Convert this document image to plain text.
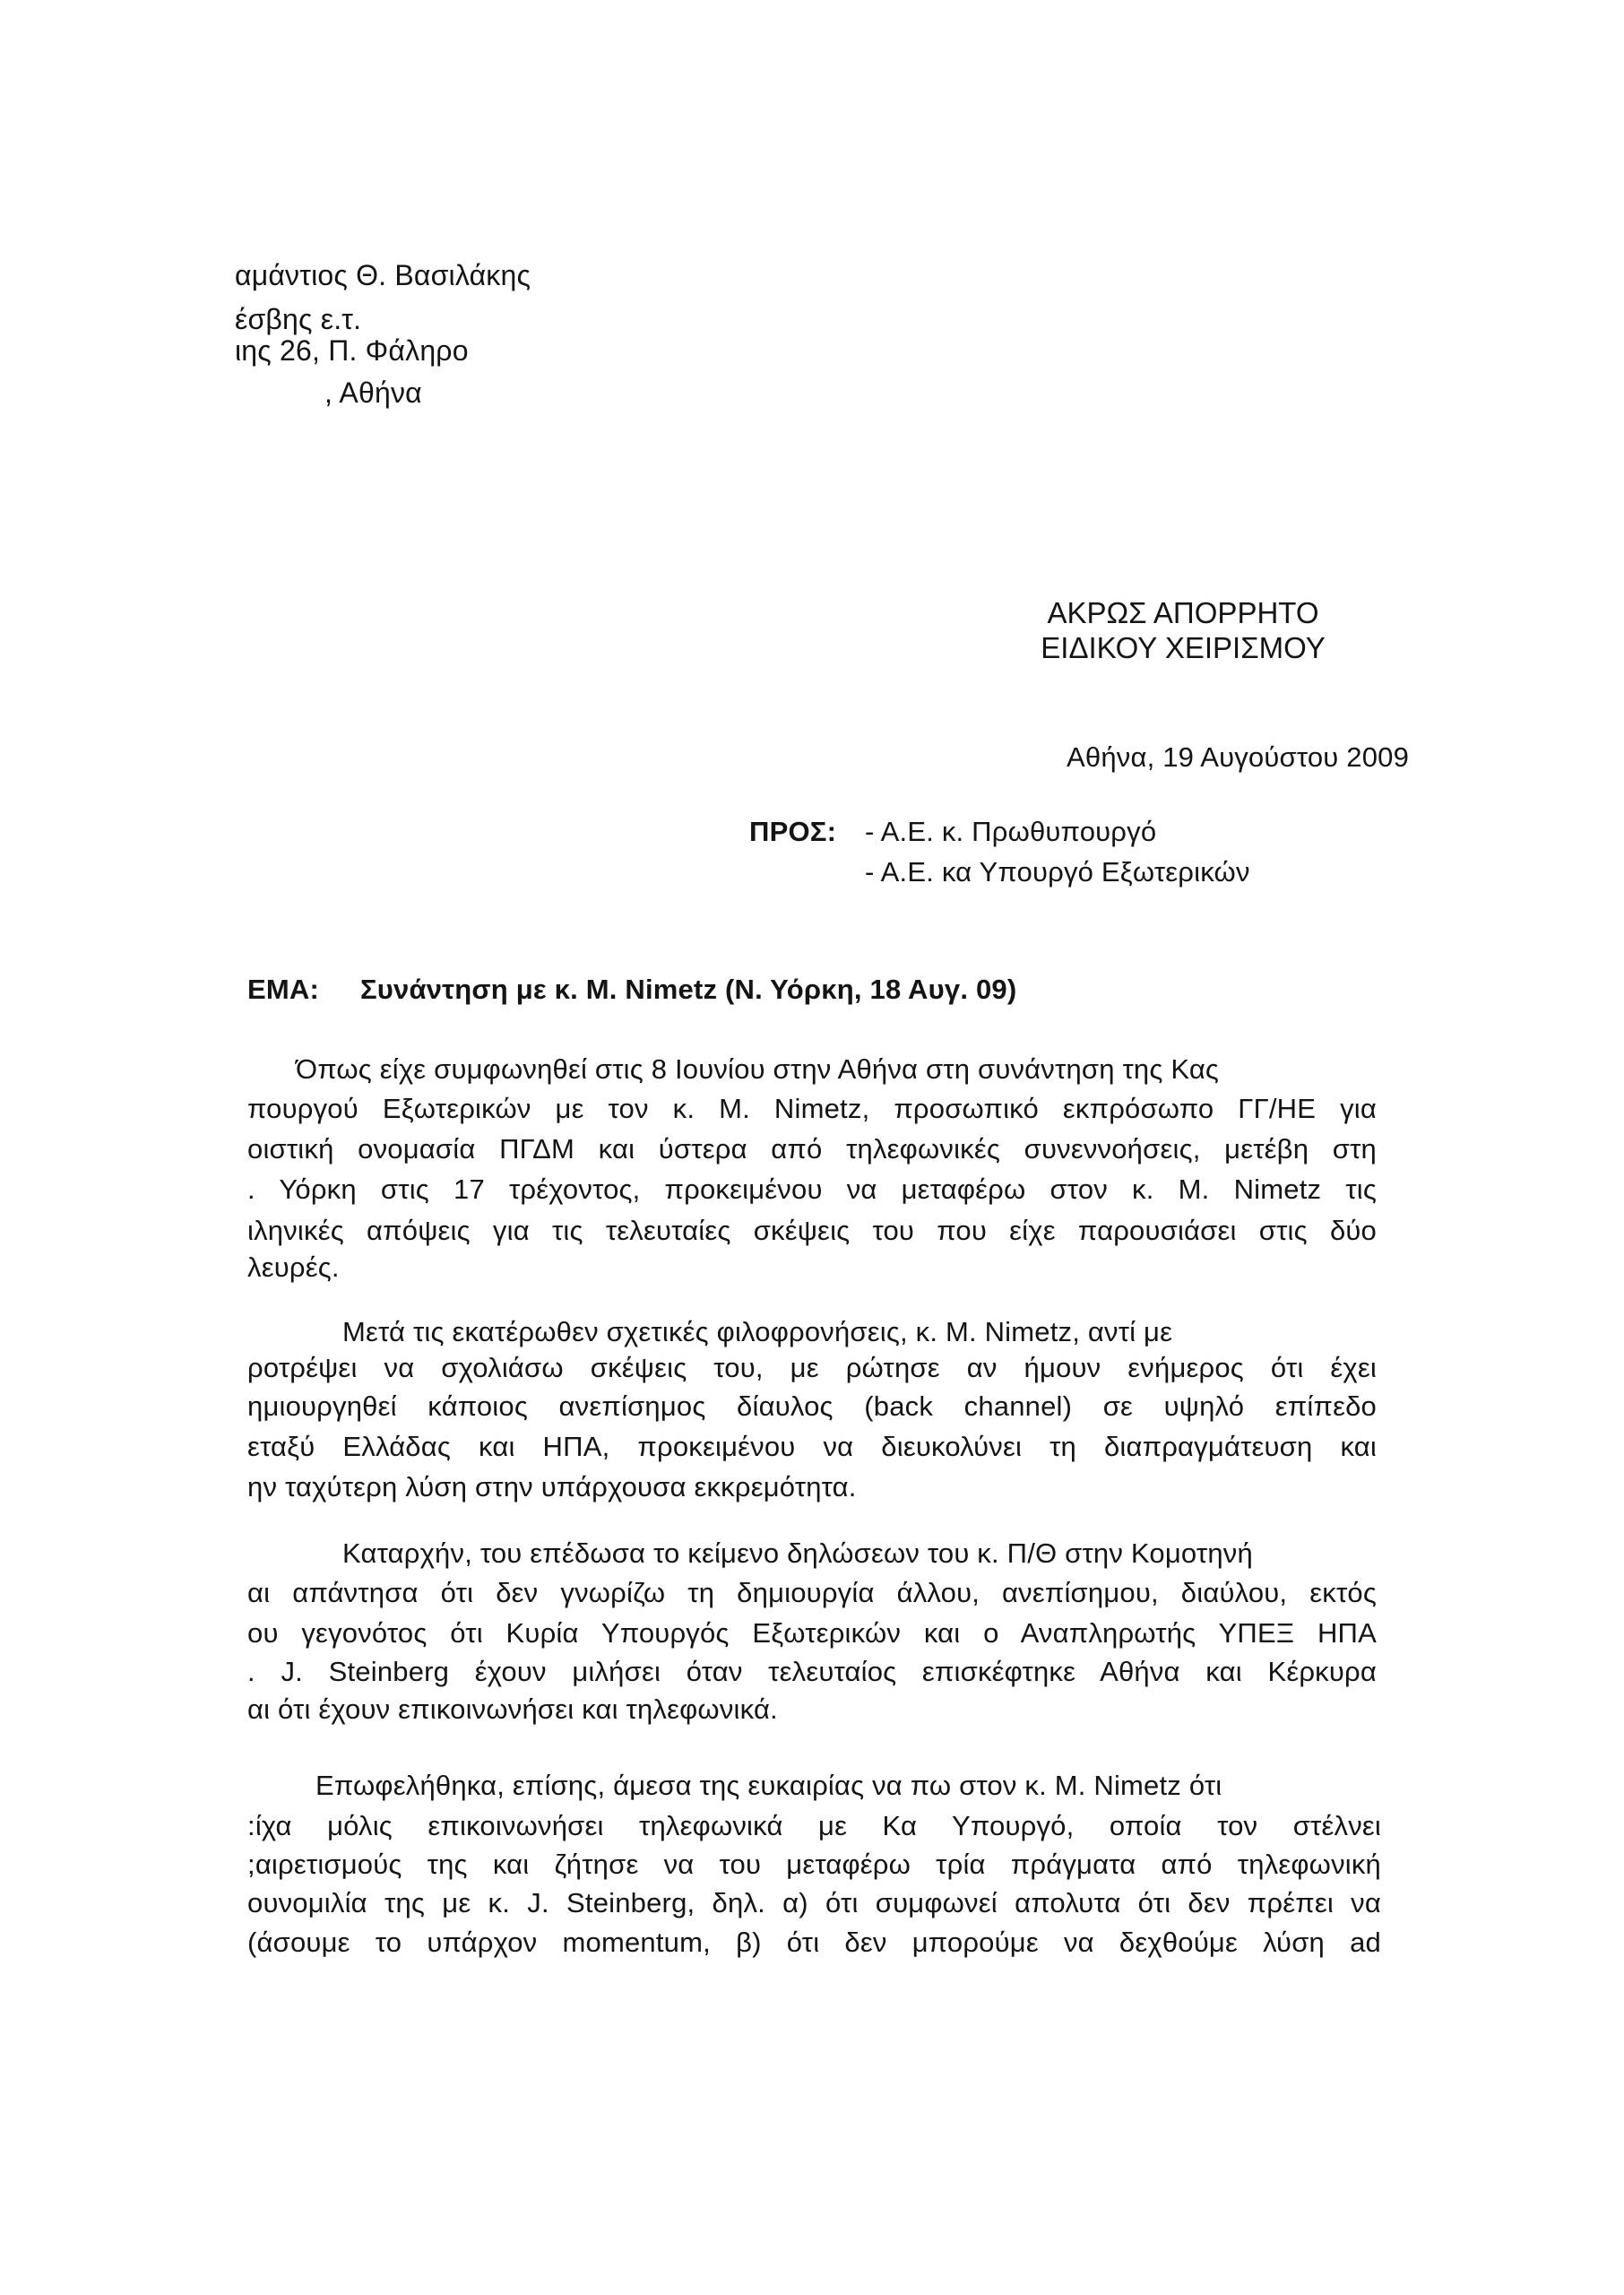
αμάντιος Θ. Βασιλάκης
έσβης ε.τ.
ιης 26, Π. Φάληρο
, Αθήνα
ΑΚΡΩΣ ΑΠΟΡΡΗΤΟ
ΕΙΔΙΚΟΥ ΧΕΙΡΙΣΜΟΥ
Αθήνα, 19 Αυγούστου 2009
ΠΡΟΣ: - Α.Ε. κ. Πρωθυπουργό
- Α.Ε. κα Υπουργό Εξωτερικών
ΕΜΑ: Συνάντηση με κ. Μ. Nimetz (Ν. Υόρκη, 18 Αυγ. 09)
Όπως είχε συμφωνηθεί στις 8 Ιουνίου στην Αθήνα στη συνάντηση της Κας
πουργού Εξωτερικών με τον κ. Μ. Nimetz, προσωπικό εκπρόσωπο ΓΓ/ΗΕ για
οιστική ονομασία ΠΓΔΜ και ύστερα από τηλεφωνικές συνεννοήσεις, μετέβη στη
. Υόρκη στις 17 τρέχοντος, προκειμένου να μεταφέρω στον κ. Μ. Nimetz τις
ιληνικές απόψεις για τις τελευταίες σκέψεις του που είχε παρουσιάσει στις δύο
λευρές.
Μετά τις εκατέρωθεν σχετικές φιλοφρονήσεις, κ. Μ. Nimetz, αντί με
ροτρέψει να σχολιάσω σκέψεις του, με ρώτησε αν ήμουν ενήμερος ότι έχει
ημιουργηθεί κάποιος ανεπίσημος δίαυλος (back channel) σε υψηλό επίπεδο
εταξύ Ελλάδας και ΗΠΑ, προκειμένου να διευκολύνει τη διαπραγμάτευση και
ην ταχύτερη λύση στην υπάρχουσα εκκρεμότητα.
Καταρχήν, του επέδωσα το κείμενο δηλώσεων του κ. Π/Θ στην Κομοτηνή
αι απάντησα ότι δεν γνωρίζω τη δημιουργία άλλου, ανεπίσημου, διαύλου, εκτός
ου γεγονότος ότι Κυρία Υπουργός Εξωτερικών και ο Αναπληρωτής ΥΠΕΞ ΗΠΑ
. J. Steinberg έχουν μιλήσει όταν τελευταίος επισκέφτηκε Αθήνα και Κέρκυρα
αι ότι έχουν επικοινωνήσει και τηλεφωνικά.
Επωφελήθηκα, επίσης, άμεσα της ευκαιρίας να πω στον κ. Μ. Nimetz ότι
:ίχα μόλις επικοινωνήσει τηλεφωνικά με Κα Υπουργό, οποία τον στέλνει
;αιρετισμούς της και ζήτησε να του μεταφέρω τρία πράγματα από τηλεφωνική
ουνομιλία της με κ. J. Steinberg, δηλ. α) ότι συμφωνεί απολυτα ότι δεν πρέπει να
(άσουμε το υπάρχον momentum, β) ότι δεν μπορούμε να δεχθούμε λύση ad
